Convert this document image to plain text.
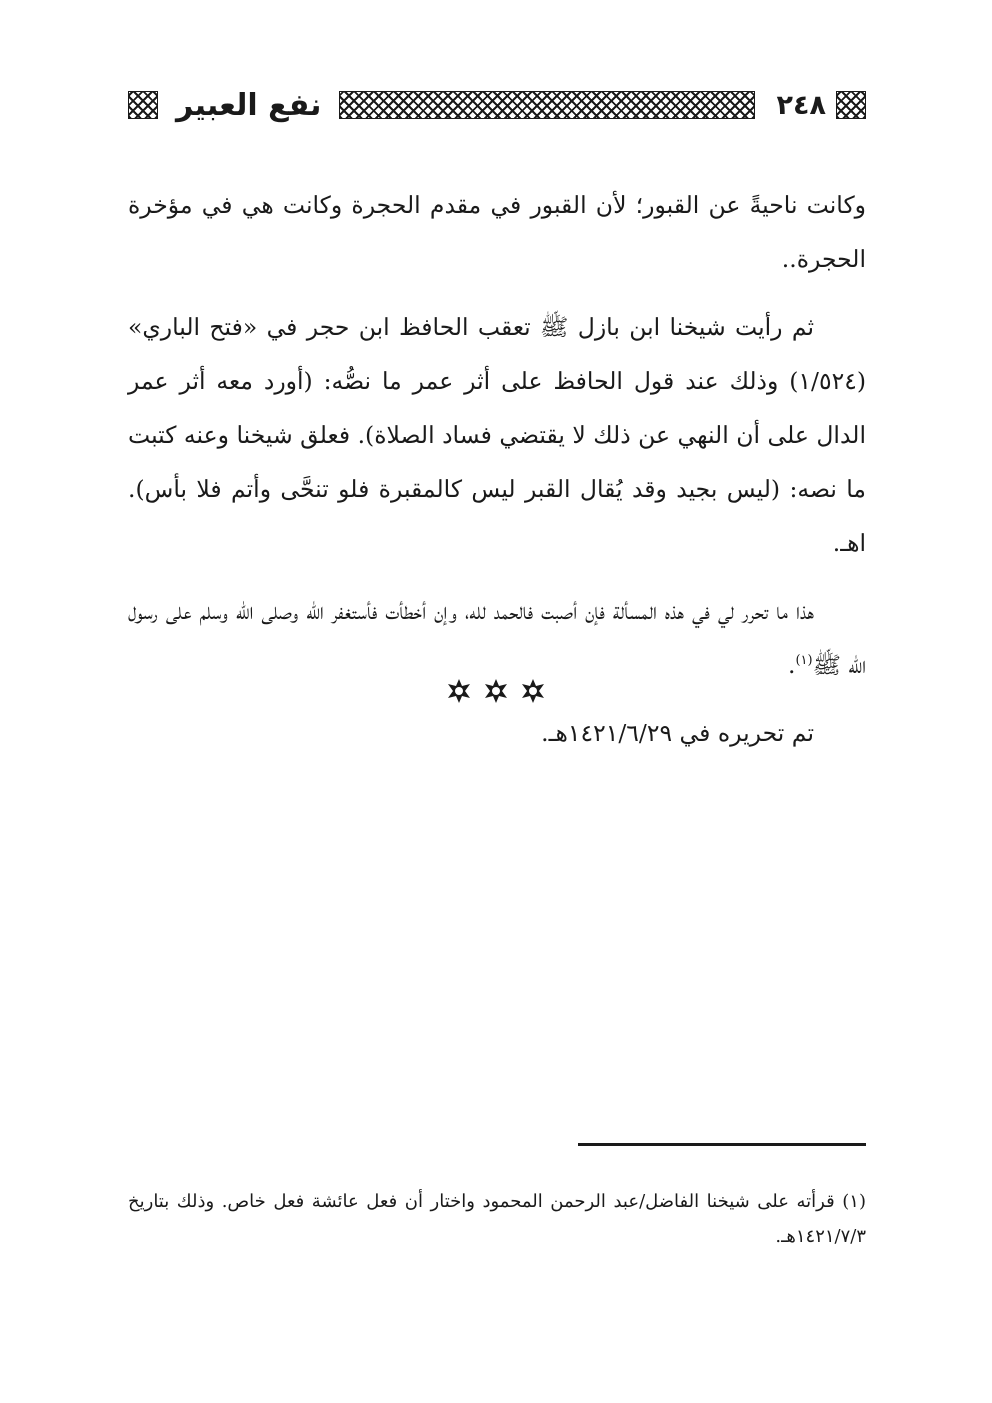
٢٤٨
نفع العبير

وكانت ناحيةً عن القبور؛ لأن القبور في مقدم الحجرة وكانت هي في مؤخرة الحجرة..

ثم رأيت شيخنا ابن بازل ﷺ تعقب الحافظ ابن حجر في «فتح الباري» (١/٥٢٤) وذلك عند قول الحافظ على أثر عمر ما نصُّه: (أورد معه أثر عمر الدال على أن النهي عن ذلك لا يقتضي فساد الصلاة). فعلق شيخنا وعنه كتبت ما نصه: (ليس بجيد وقد يُقال القبر ليس كالمقبرة فلو تنحَّى وأتم فلا بأس). اهـ.

هذا ما تحرر لي في هذه المسألة فإن أصبت فالحمد لله، وإن أخطأت فأستغفر الله وصلى الله وسلم على رسول الله ﷺ$^{(١)}$.

تم تحريره في ١٤٢١/٦/٢٩هـ.

(١) قرأته على شيخنا الفاضل/عبد الرحمن المحمود واختار أن فعل عائشة فعل خاص. وذلك بتاريخ ١٤٢١/٧/٣هـ.
